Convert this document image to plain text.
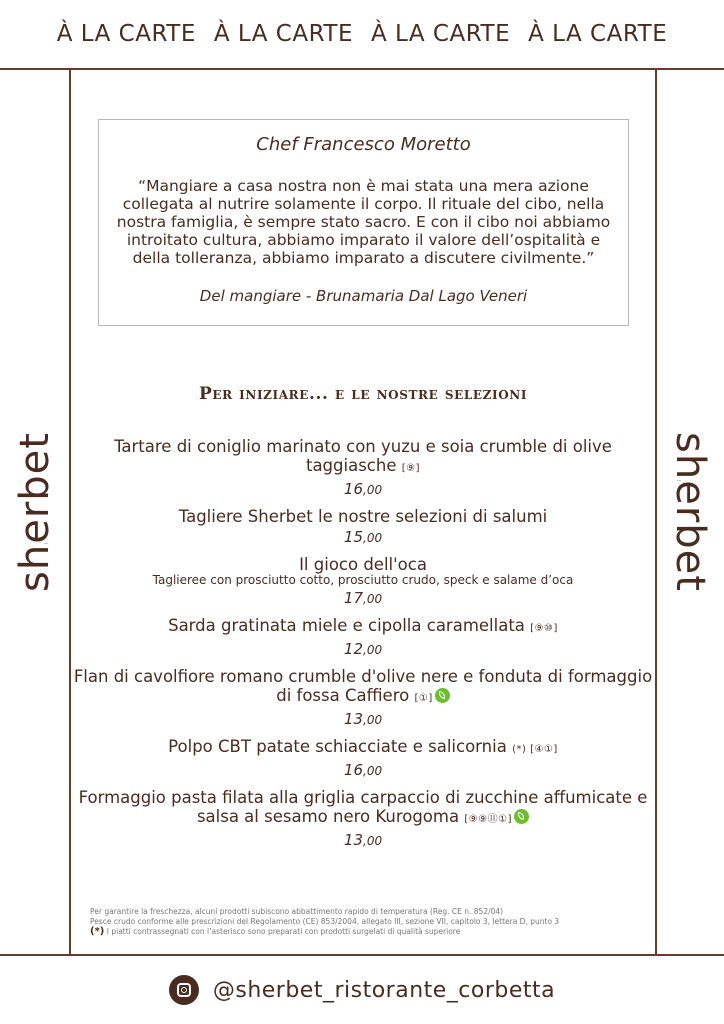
À LA CARTE À LA CARTE À LA CARTE À LA CARTE
sherbet	sherbet
Chef Francesco Moretto
“Mangiare a casa nostra non è mai stata una mera azione collegata al nutrire solamente il corpo. Il rituale del cibo, nella nostra famiglia, è sempre stato sacro. E con il cibo noi abbiamo introitato cultura, abbiamo imparato il valore dell’ospitalità e della tolleranza, abbiamo imparato a discutere civilmente.”
Del mangiare - Brunamaria Dal Lago Veneri
Per iniziare... e le nostre selezioni
Tartare di coniglio marinato con yuzu e soia crumble di olive taggiasche [⑨]
16,00
Tagliere Sherbet le nostre selezioni di salumi
15,00
Il gioco dell'oca
Taglieree con prosciutto cotto, prosciutto crudo, speck e salame d’oca
17,00
Sarda gratinata miele e cipolla caramellata [⑨⑩]
12,00
Flan di cavolfiore romano crumble d'olive nere e fonduta di formaggio di fossa Caffiero [①]
13,00
Polpo CBT patate schiacciate e salicornia (*) [④①]
16,00
Formaggio pasta filata alla griglia carpaccio di zucchine affumicate e salsa al sesamo nero Kurogoma [⑨⑨⑪①]
13,00
Per garantire la freschezza, alcuni prodotti subiscono abbattimento rapido di temperatura (Reg. CE n. 852/04)
Pesce crudo conforme alle prescrizioni del Regolamento (CE) 853/2004, allegato III, sezione VII, capitolo 3, lettera D, punto 3
(*) I piatti contrassegnati con l’asterisco sono preparati con prodotti surgelati di qualità superiore
@sherbet_ristorante_corbetta
